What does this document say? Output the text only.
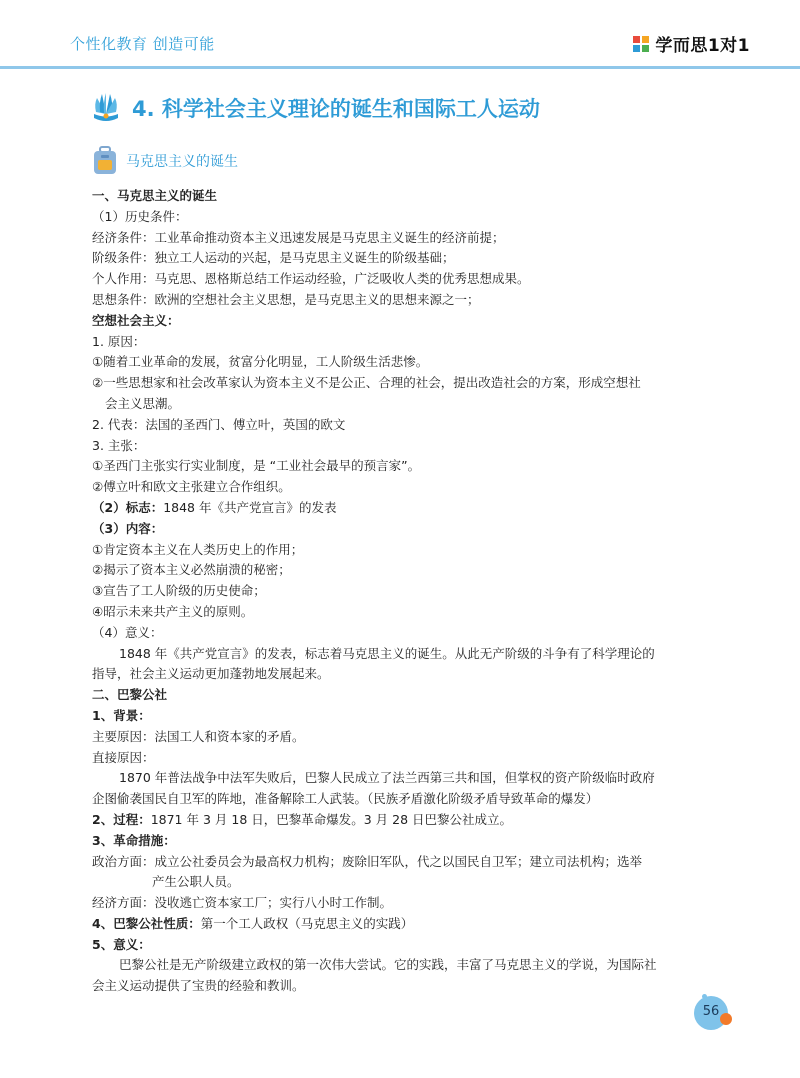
个性化教育 创造可能	学而思1对1
4. 科学社会主义理论的诞生和国际工人运动
马克思主义的诞生
一、马克思主义的诞生
（1）历史条件：
经济条件：工业革命推动资本主义迅速发展是马克思主义诞生的经济前提；
阶级条件：独立工人运动的兴起，是马克思主义诞生的阶级基础；
个人作用：马克思、恩格斯总结工作运动经验，广泛吸收人类的优秀思想成果。
思想条件：欧洲的空想社会主义思想，是马克思主义的思想来源之一；
空想社会主义：
1. 原因：
①随着工业革命的发展，贫富分化明显，工人阶级生活悲惨。
②一些思想家和社会改革家认为资本主义不是公正、合理的社会，提出改造社会的方案，形成空想社
会主义思潮。
2. 代表：法国的圣西门、傅立叶，英国的欧文
3. 主张：
①圣西门主张实行实业制度，是 “工业社会最早的预言家”。
②傅立叶和欧文主张建立合作组织。
（2）标志：1848 年《共产党宣言》的发表
（3）内容：
①肯定资本主义在人类历史上的作用；
②揭示了资本主义必然崩溃的秘密；
③宣告了工人阶级的历史使命；
④昭示未来共产主义的原则。
（4）意义：
1848 年《共产党宣言》的发表，标志着马克思主义的诞生。从此无产阶级的斗争有了科学理论的
指导，社会主义运动更加蓬勃地发展起来。
二、巴黎公社
1、背景：
主要原因：法国工人和资本家的矛盾。
直接原因：
1870 年普法战争中法军失败后，巴黎人民成立了法兰西第三共和国，但掌权的资产阶级临时政府
企图偷袭国民自卫军的阵地，准备解除工人武装。（民族矛盾激化阶级矛盾导致革命的爆发）
2、过程：1871 年 3 月 18 日，巴黎革命爆发。3 月 28 日巴黎公社成立。
3、革命措施：
政治方面：成立公社委员会为最高权力机构；废除旧军队，代之以国民自卫军；建立司法机构；选举
产生公职人员。
经济方面：没收逃亡资本家工厂；实行八小时工作制。
4、巴黎公社性质：第一个工人政权（马克思主义的实践）
5、意义：
巴黎公社是无产阶级建立政权的第一次伟大尝试。它的实践，丰富了马克思主义的学说，为国际社
会主义运动提供了宝贵的经验和教训。
56
